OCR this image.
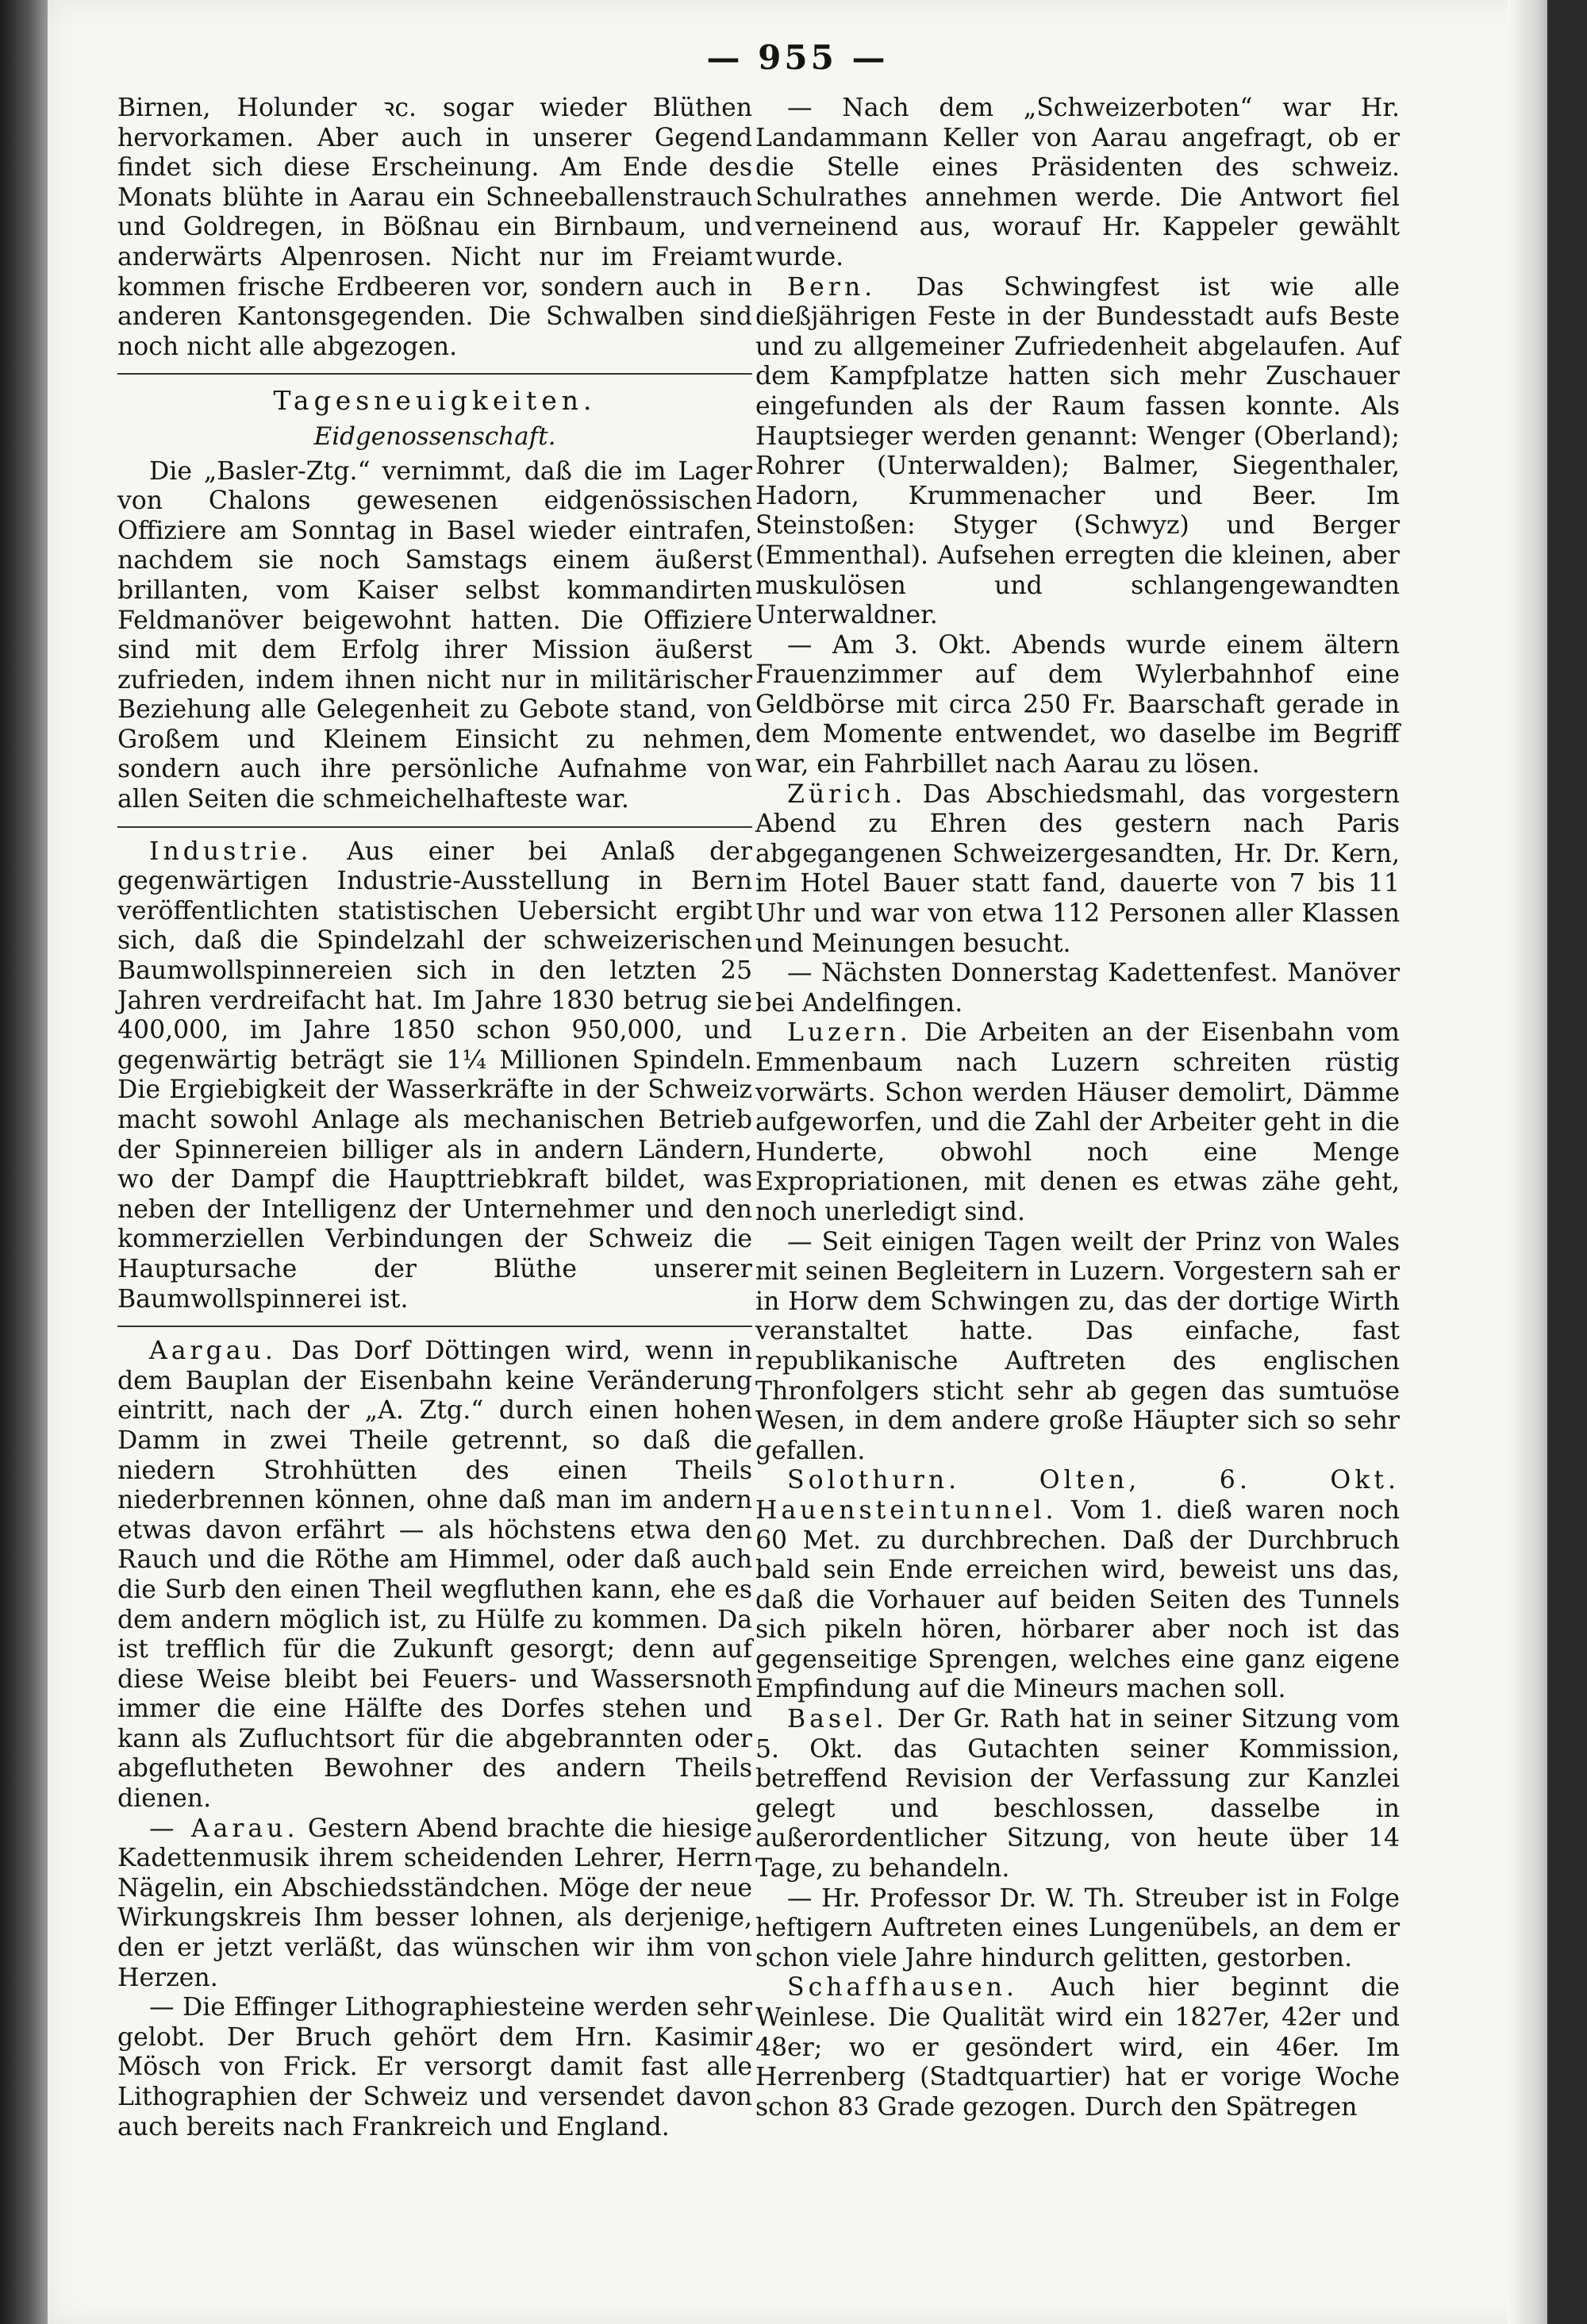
— 955 —

Birnen, Holunder ꝛc. sogar wieder Blüthen hervorkamen. Aber auch in unserer Gegend findet sich diese Erscheinung. Am Ende des Monats blühte in Aarau ein Schneeballenstrauch und Goldregen, in Bößnau ein Birnbaum, und anderwärts Alpenrosen. Nicht nur im Freiamt kommen frische Erdbeeren vor, sondern auch in anderen Kantonsgegenden. Die Schwalben sind noch nicht alle abgezogen.

Tagesneuigkeiten.
Eidgenossenschaft.

Die „Basler-Ztg.“ vernimmt, daß die im Lager von Chalons gewesenen eidgenössischen Offiziere am Sonntag in Basel wieder eintrafen, nachdem sie noch Samstags einem äußerst brillanten, vom Kaiser selbst kommandirten Feldmanöver beigewohnt hatten. Die Offiziere sind mit dem Erfolg ihrer Mission äußerst zufrieden, indem ihnen nicht nur in militärischer Beziehung alle Gelegenheit zu Gebote stand, von Großem und Kleinem Einsicht zu nehmen, sondern auch ihre persönliche Aufnahme von allen Seiten die schmeichelhafteste war.

Industrie. Aus einer bei Anlaß der gegenwärtigen Industrie-Ausstellung in Bern veröffentlichten statistischen Uebersicht ergibt sich, daß die Spindelzahl der schweizerischen Baumwollspinnereien sich in den letzten 25 Jahren verdreifacht hat. Im Jahre 1830 betrug sie 400,000, im Jahre 1850 schon 950,000, und gegenwärtig beträgt sie 1¼ Millionen Spindeln. Die Ergiebigkeit der Wasserkräfte in der Schweiz macht sowohl Anlage als mechanischen Betrieb der Spinnereien billiger als in andern Ländern, wo der Dampf die Haupttriebkraft bildet, was neben der Intelligenz der Unternehmer und den kommerziellen Verbindungen der Schweiz die Hauptursache der Blüthe unserer Baumwollspinnerei ist.

Aargau. Das Dorf Döttingen wird, wenn in dem Bauplan der Eisenbahn keine Veränderung eintritt, nach der „A. Ztg.“ durch einen hohen Damm in zwei Theile getrennt, so daß die niedern Strohhütten des einen Theils niederbrennen können, ohne daß man im andern etwas davon erfährt — als höchstens etwa den Rauch und die Röthe am Himmel, oder daß auch die Surb den einen Theil wegfluthen kann, ehe es dem andern möglich ist, zu Hülfe zu kommen. Da ist trefflich für die Zukunft gesorgt; denn auf diese Weise bleibt bei Feuers- und Wassersnoth immer die eine Hälfte des Dorfes stehen und kann als Zufluchtsort für die abgebrannten oder abgeflutheten Bewohner des andern Theils dienen.

— Aarau. Gestern Abend brachte die hiesige Kadettenmusik ihrem scheidenden Lehrer, Herrn Nägelin, ein Abschiedsständchen. Möge der neue Wirkungskreis Ihm besser lohnen, als derjenige, den er jetzt verläßt, das wünschen wir ihm von Herzen.

— Die Effinger Lithographiesteine werden sehr gelobt. Der Bruch gehört dem Hrn. Kasimir Mösch von Frick. Er versorgt damit fast alle Lithographien der Schweiz und versendet davon auch bereits nach Frankreich und England.

— Nach dem „Schweizerboten“ war Hr. Landammann Keller von Aarau angefragt, ob er die Stelle eines Präsidenten des schweiz. Schulrathes annehmen werde. Die Antwort fiel verneinend aus, worauf Hr. Kappeler gewählt wurde.

Bern. Das Schwingfest ist wie alle dießjährigen Feste in der Bundesstadt aufs Beste und zu allgemeiner Zufriedenheit abgelaufen. Auf dem Kampfplatze hatten sich mehr Zuschauer eingefunden als der Raum fassen konnte. Als Hauptsieger werden genannt: Wenger (Oberland); Rohrer (Unterwalden); Balmer, Siegenthaler, Hadorn, Krummenacher und Beer. Im Steinstoßen: Styger (Schwyz) und Berger (Emmenthal). Aufsehen erregten die kleinen, aber muskulösen und schlangengewandten Unterwaldner.

— Am 3. Okt. Abends wurde einem ältern Frauenzimmer auf dem Wylerbahnhof eine Geldbörse mit circa 250 Fr. Baarschaft gerade in dem Momente entwendet, wo daselbe im Begriff war, ein Fahrbillet nach Aarau zu lösen.

Zürich. Das Abschiedsmahl, das vorgestern Abend zu Ehren des gestern nach Paris abgegangenen Schweizergesandten, Hr. Dr. Kern, im Hotel Bauer statt fand, dauerte von 7 bis 11 Uhr und war von etwa 112 Personen aller Klassen und Meinungen besucht.

— Nächsten Donnerstag Kadettenfest. Manöver bei Andelfingen.

Luzern. Die Arbeiten an der Eisenbahn vom Emmenbaum nach Luzern schreiten rüstig vorwärts. Schon werden Häuser demolirt, Dämme aufgeworfen, und die Zahl der Arbeiter geht in die Hunderte, obwohl noch eine Menge Expropriationen, mit denen es etwas zähe geht, noch unerledigt sind.

— Seit einigen Tagen weilt der Prinz von Wales mit seinen Begleitern in Luzern. Vorgestern sah er in Horw dem Schwingen zu, das der dortige Wirth veranstaltet hatte. Das einfache, fast republikanische Auftreten des englischen Thronfolgers sticht sehr ab gegen das sumtuöse Wesen, in dem andere große Häupter sich so sehr gefallen.

Solothurn. Olten, 6. Okt. Hauensteintunnel. Vom 1. dieß waren noch 60 Met. zu durchbrechen. Daß der Durchbruch bald sein Ende erreichen wird, beweist uns das, daß die Vorhauer auf beiden Seiten des Tunnels sich pikeln hören, hörbarer aber noch ist das gegenseitige Sprengen, welches eine ganz eigene Empfindung auf die Mineurs machen soll.

Basel. Der Gr. Rath hat in seiner Sitzung vom 5. Okt. das Gutachten seiner Kommission, betreffend Revision der Verfassung zur Kanzlei gelegt und beschlossen, dasselbe in außerordentlicher Sitzung, von heute über 14 Tage, zu behandeln.

— Hr. Professor Dr. W. Th. Streuber ist in Folge heftigern Auftreten eines Lungenübels, an dem er schon viele Jahre hindurch gelitten, gestorben.

Schaffhausen. Auch hier beginnt die Weinlese. Die Qualität wird ein 1827er, 42er und 48er; wo er gesöndert wird, ein 46er. Im Herrenberg (Stadtquartier) hat er vorige Woche schon 83 Grade gezogen. Durch den Spätregen
